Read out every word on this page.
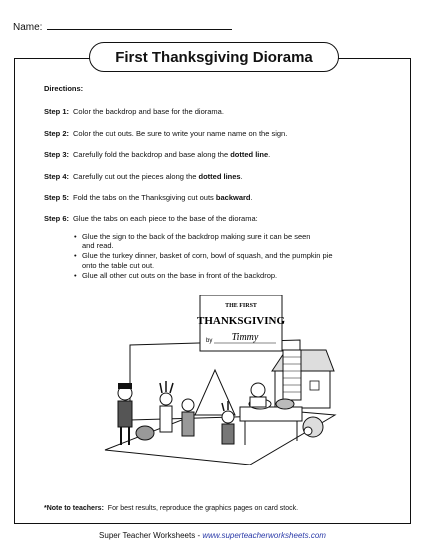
Name:
First Thanksgiving Diorama
Directions:
Step 1: Color the backdrop and base for the diorama.
Step 2: Color the cut outs. Be sure to write your name name on the sign.
Step 3: Carefully fold the backdrop and base along the dotted line.
Step 4: Carefully cut out the pieces along the dotted lines.
Step 5: Fold the tabs on the Thanksgiving cut outs backward.
Step 6: Glue the tabs on each piece to the base of the diorama:
• Glue the sign to the back of the backdrop making sure it can be seen
and read.
• Glue the turkey dinner, basket of corn, bowl of squash, and the pumpkin pie
onto the table cut out.
• Glue all other cut outs on the base in front of the backdrop.
THE FIRST
THANKSGIVING
by Timmy
*Note to teachers: For best results, reproduce the graphics pages on card stock.
Super Teacher Worksheets - www.superteacherworksheets.com
